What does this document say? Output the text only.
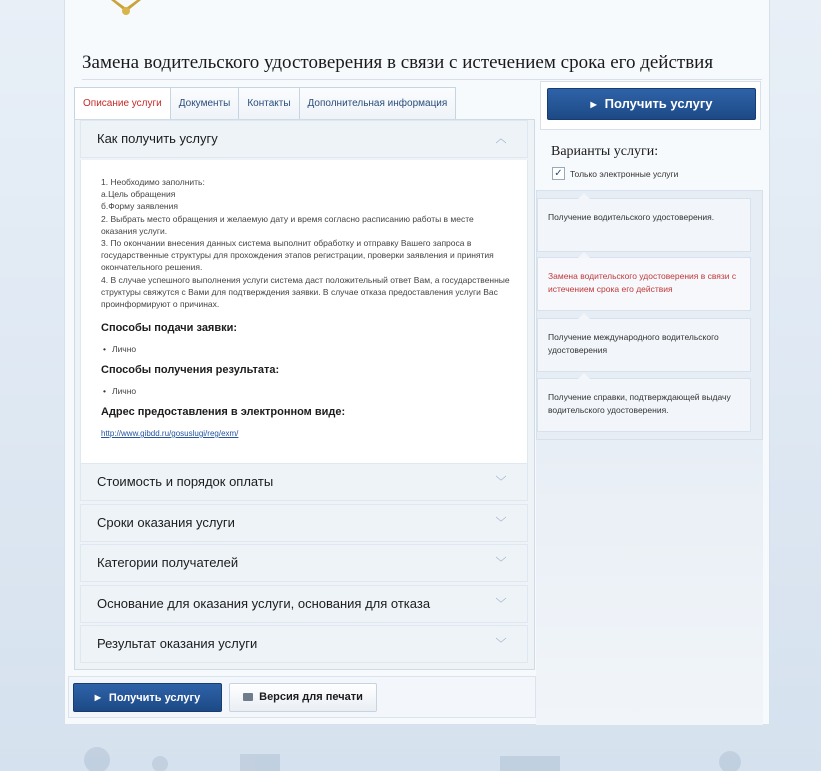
Замена водительского удостоверения в связи с истечением срока его действия
Описание услуги	Документы	Контакты	Дополнительная информация
Как получить услугу	︿
1. Необходимо заполнить:
а.Цель обращения
б.Форму заявления
2. Выбрать место обращения и желаемую дату и время согласно расписанию работы в месте оказания услуги.
3. По окончании внесения данных система выполнит обработку и отправку Вашего запроса в государственные структуры для прохождения этапов регистрации, проверки заявления и принятия окончательного решения.
4. В случае успешного выполнения услуги система даст положительный ответ Вам, а государственные структуры свяжутся с Вами для подтверждения заявки. В случае отказа предоставления услуги Вас проинформируют о причинах.
Способы подачи заявки:
• Лично
Способы получения результата:
• Лично
Адрес предоставления в электронном виде:
http://www.gibdd.ru/gosuslugi/reg/exm/
Стоимость и порядок оплаты	﹀
Сроки оказания услуги	﹀
Категории получателей	﹀
Основание для оказания услуги, основания для отказа	﹀
Результат оказания услуги	﹀
▶ Получить услугу
Варианты услуги:
✓ Только электронные услуги
Получение водительского удостоверения.
Замена водительского удостоверения в связи с истечением срока его действия
Получение международного водительского удостоверения
Получение справки, подтверждающей выдачу водительского удостоверения.
▶ Получить услугу	Версия для печати
